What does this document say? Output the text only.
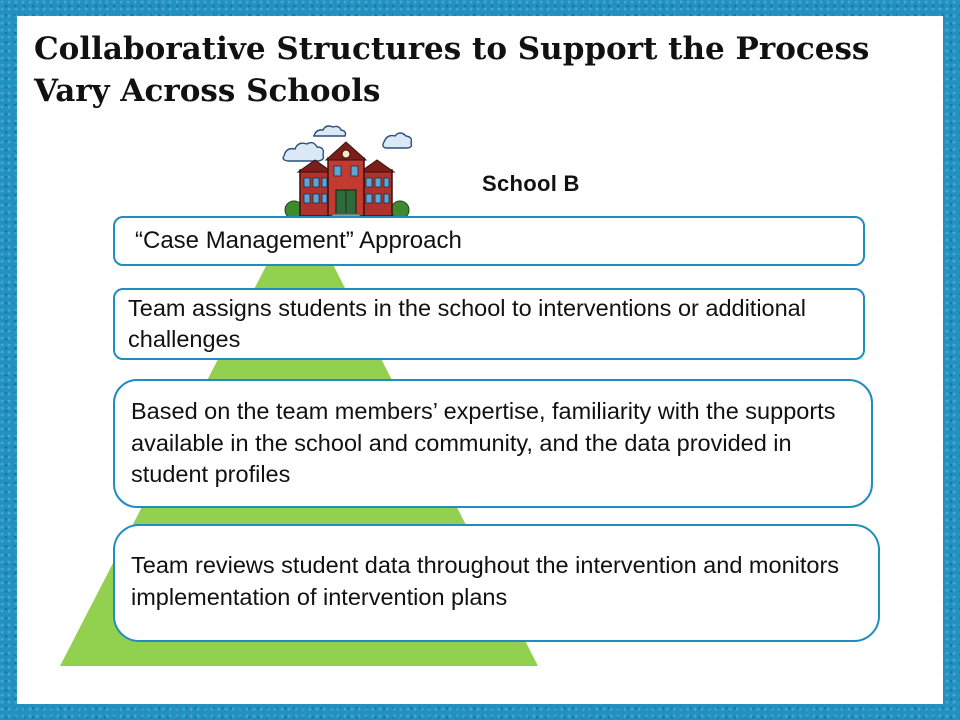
Collaborative Structures to Support the Process
Vary Across Schools
School B
“Case Management” Approach
Team assigns students in the school to interventions or additional challenges
Based on the team members’ expertise, familiarity with the supports available in the school and community, and the data provided in student profiles
Team reviews student data throughout the intervention and monitors implementation of intervention plans
